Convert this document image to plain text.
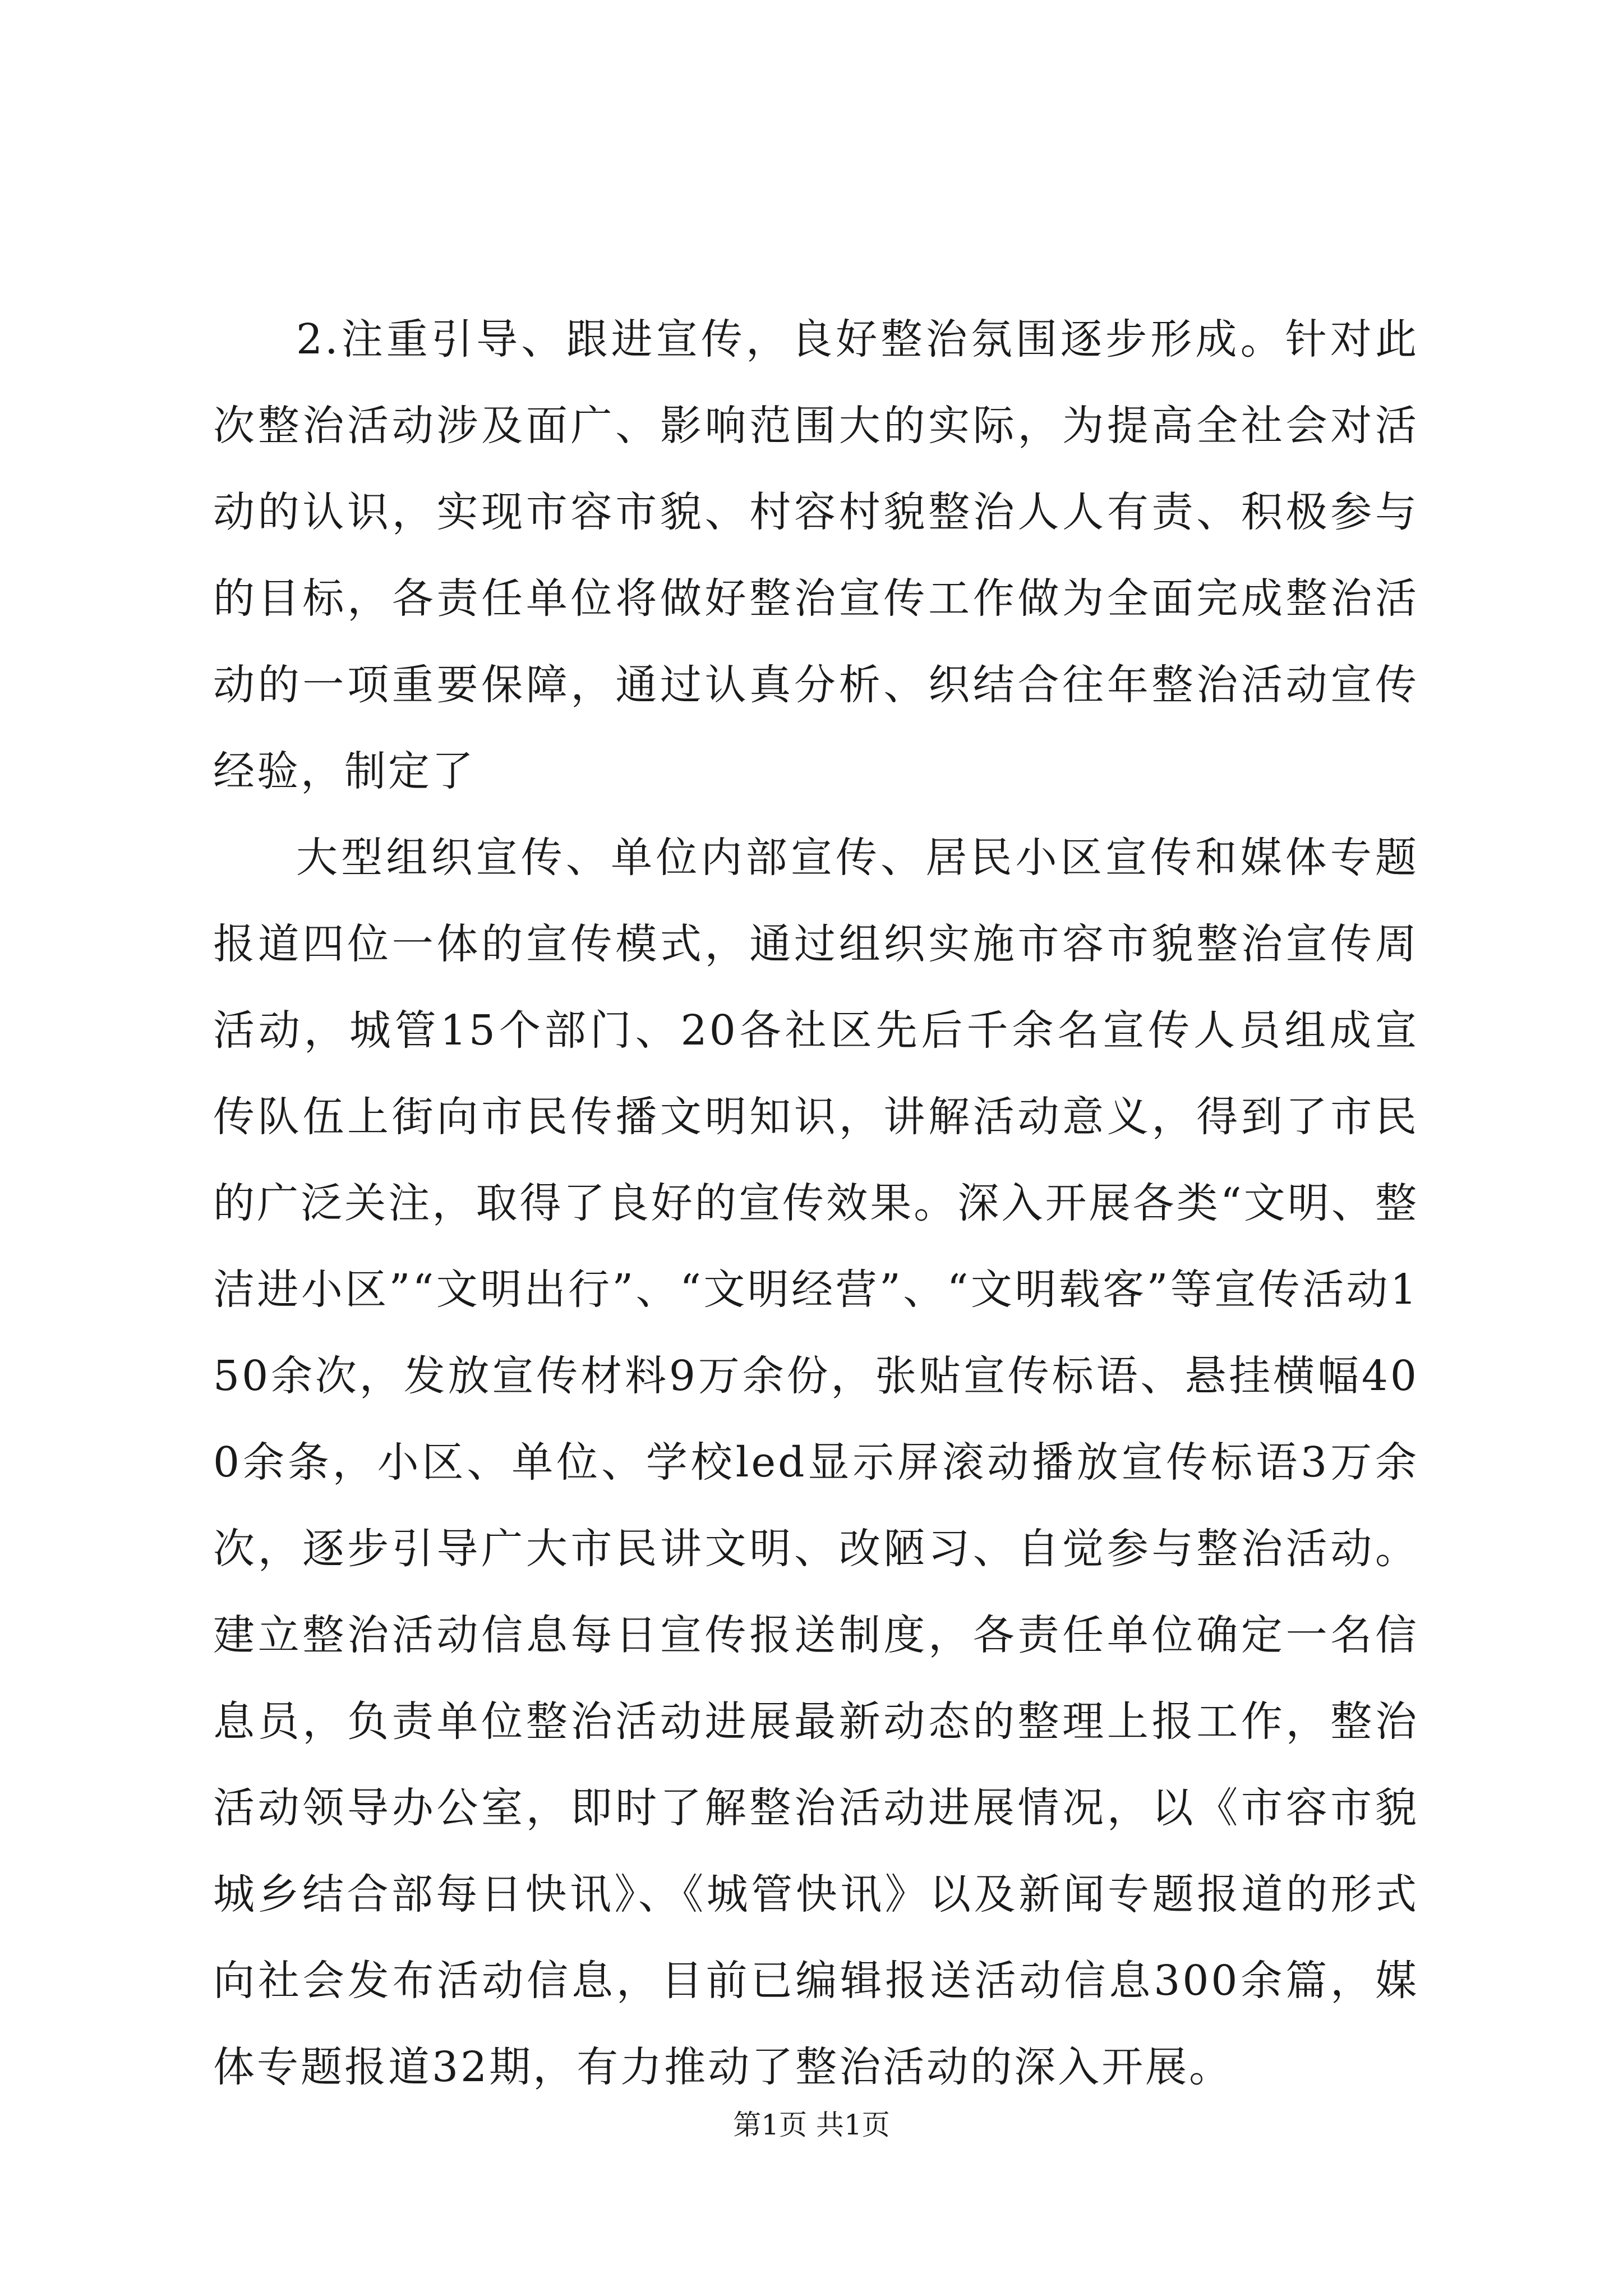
2.注重引导、跟进宣传，良好整治氛围逐步形成。针对此次整治活动涉及面广、影响范围大的实际，为提高全社会对活动的认识，实现市容市貌、村容村貌整治人人有责、积极参与的目标，各责任单位将做好整治宣传工作做为全面完成整治活动的一项重要保障，通过认真分析、织结合往年整治活动宣传经验，制定了

大型组织宣传、单位内部宣传、居民小区宣传和媒体专题报道四位一体的宣传模式，通过组织实施市容市貌整治宣传周活动，城管15个部门、20各社区先后千余名宣传人员组成宣传队伍上街向市民传播文明知识，讲解活动意义，得到了市民的广泛关注，取得了良好的宣传效果。深入开展各类“文明、整洁进小区”“文明出行”、“文明经营”、“文明载客”等宣传活动150余次，发放宣传材料9万余份，张贴宣传标语、悬挂横幅400余条，小区、单位、学校led显示屏滚动播放宣传标语3万余次，逐步引导广大市民讲文明、改陋习、自觉参与整治活动。建立整治活动信息每日宣传报送制度，各责任单位确定一名信息员，负责单位整治活动进展最新动态的整理上报工作，整治活动领导办公室，即时了解整治活动进展情况，以《市容市貌城乡结合部每日快讯》、《城管快讯》以及新闻专题报道的形式向社会发布活动信息，目前已编辑报送活动信息300余篇，媒体专题报道32期，有力推动了整治活动的深入开展。

第1页 共1页
